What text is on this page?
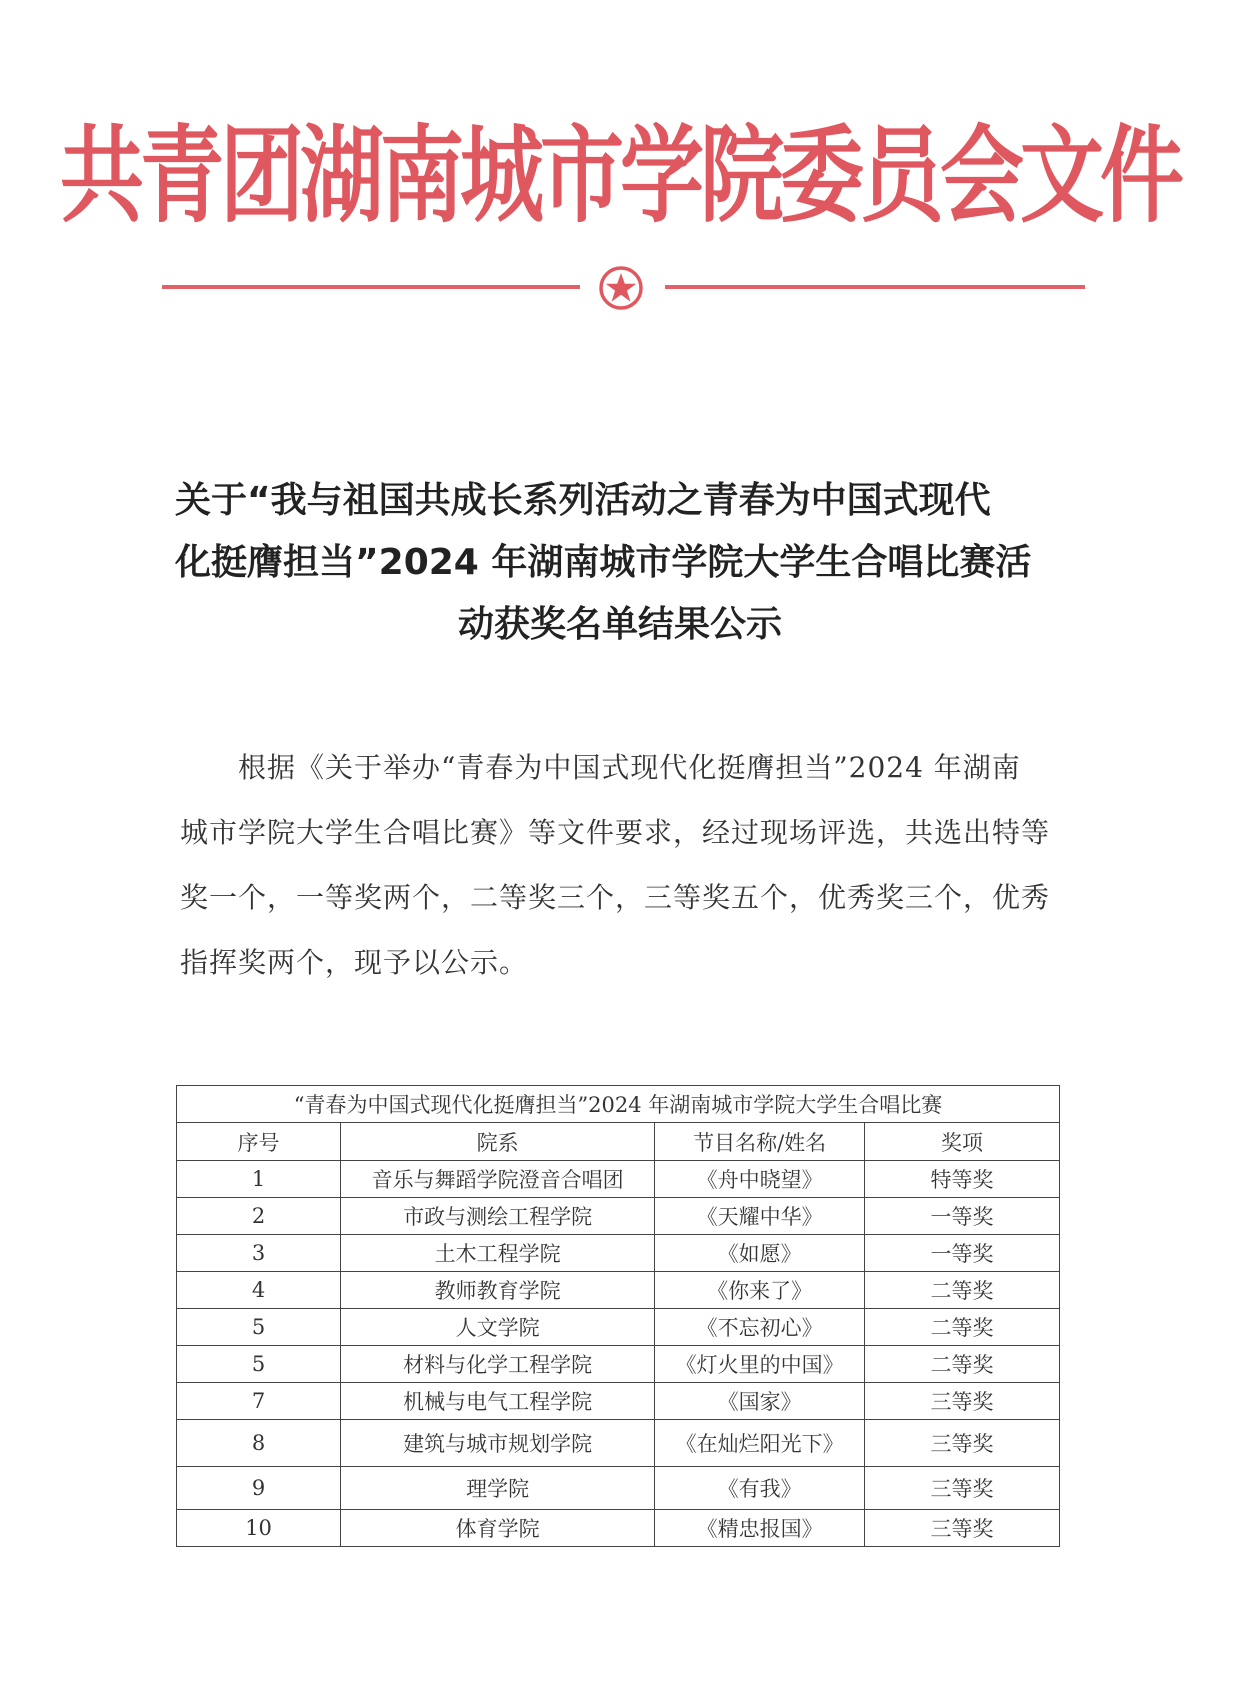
共青团湖南城市学院委员会文件
关于“我与祖国共成长系列活动之青春为中国式现代
化挺膺担当”2024 年湖南城市学院大学生合唱比赛活
动获奖名单结果公示
根据《关于举办“青春为中国式现代化挺膺担当”2024 年湖南
城市学院大学生合唱比赛》等文件要求，经过现场评选，共选出特等
奖一个，一等奖两个，二等奖三个，三等奖五个，优秀奖三个，优秀
指挥奖两个，现予以公示。
“青春为中国式现代化挺膺担当”2024 年湖南城市学院大学生合唱比赛			
序号	院系	节目名称/姓名	奖项
1	音乐与舞蹈学院澄音合唱团	《舟中晓望》	特等奖
2	市政与测绘工程学院	《天耀中华》	一等奖
3	土木工程学院	《如愿》	一等奖
4	教师教育学院	《你来了》	二等奖
5	人文学院	《不忘初心》	二等奖
5	材料与化学工程学院	《灯火里的中国》	二等奖
7	机械与电气工程学院	《国家》	三等奖
8	建筑与城市规划学院	《在灿烂阳光下》	三等奖
9	理学院	《有我》	三等奖
10	体育学院	《精忠报国》	三等奖
